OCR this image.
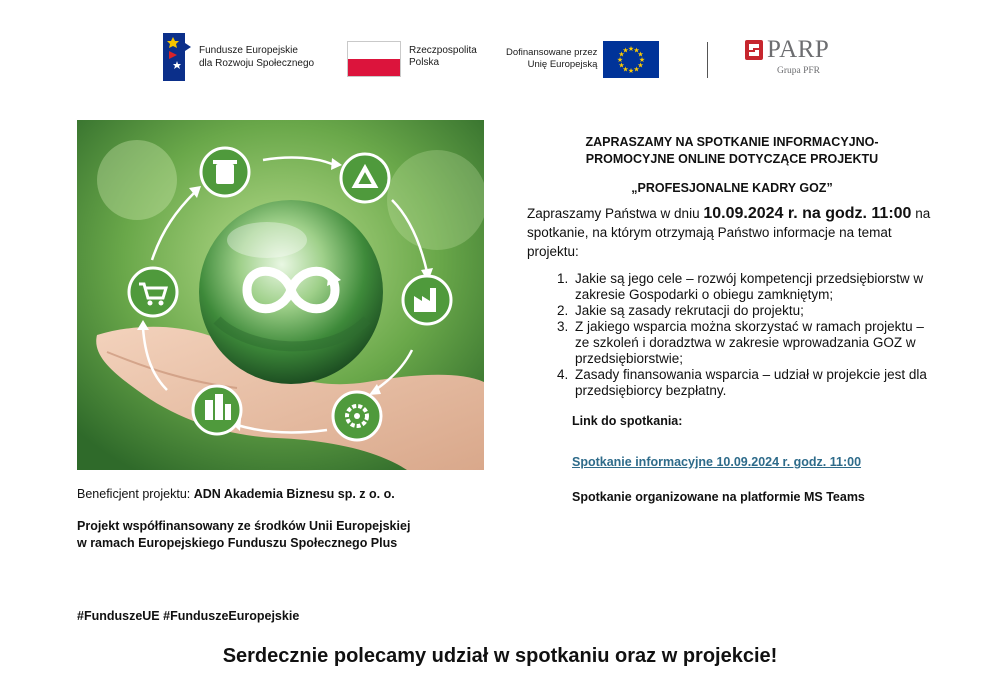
Fundusze Europejskie
dla Rozwoju Społecznego
Rzeczpospolita
Polska
Dofinansowane przez
Unię Europejską
★ ★
★
★
★
★
★
★
★
★
★
★	PARP
Grupa PFR
Beneficjent projektu: ADN Akademia Biznesu sp. z o. o.
Projekt współfinansowany ze środków Unii Europejskiej
w ramach Europejskiego Funduszu Społecznego Plus
#FunduszeUE #FunduszeEuropejskie
Serdecznie polecamy udział w spotkaniu oraz w projekcie!
ZAPRASZAMY NA SPOTKANIE INFORMACYJNO-
PROMOCYJNE ONLINE DOTYCZĄCE PROJEKTU
„PROFESJONALNE KADRY GOZ”
Zapraszamy Państwa w dniu 10.09.2024 r. na godz. 11:00 na spotkanie, na którym otrzymają Państwo informacje na temat projektu:
1. Jakie są jego cele – rozwój kompetencji przedsiębiorstw w zakresie Gospodarki o obiegu zamkniętym;
2. Jakie są zasady rekrutacji do projektu;
3. Z jakiego wsparcia można skorzystać w ramach projektu – ze szkoleń i doradztwa w zakresie wprowadzania GOZ w przedsiębiorstwie;
4. Zasady finansowania wsparcia – udział w projekcie jest dla przedsiębiorcy bezpłatny.
Link do spotkania:
Spotkanie informacyjne 10.09.2024 r. godz. 11:00
Spotkanie organizowane na platformie MS Teams
